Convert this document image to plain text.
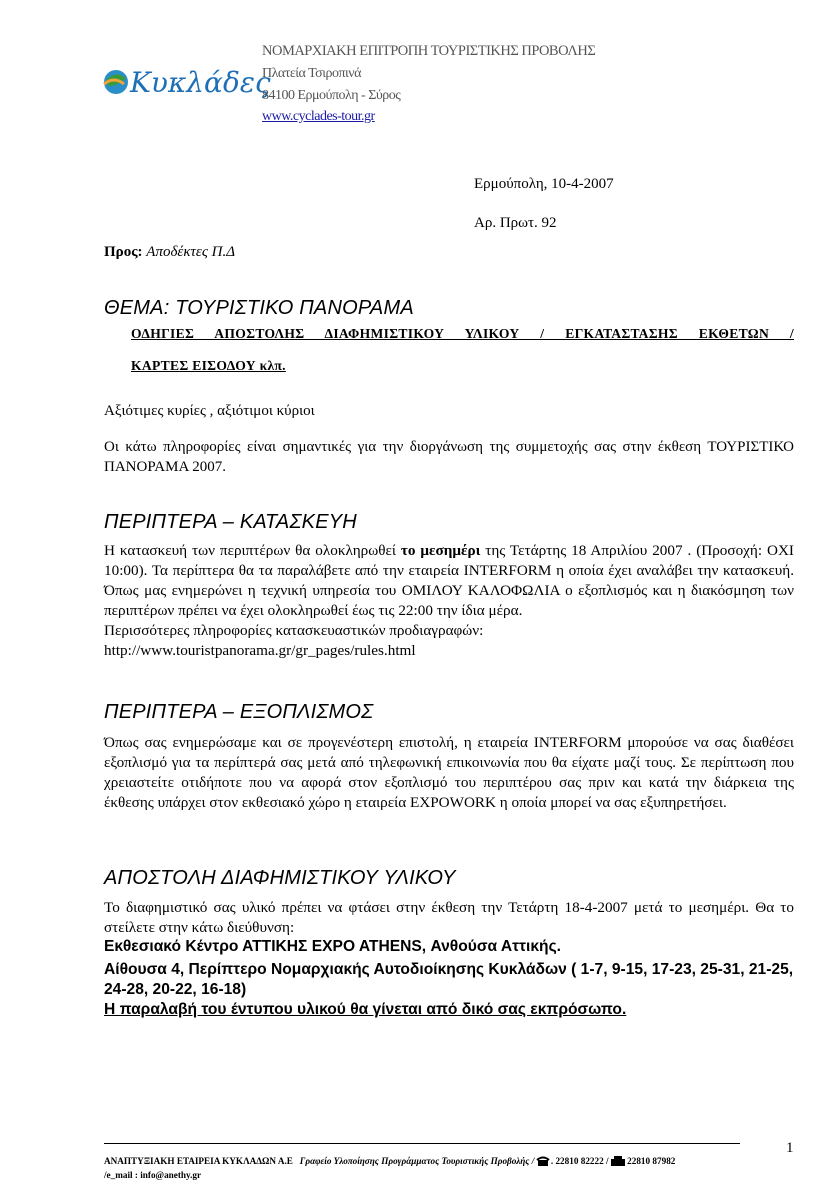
Κυκλάδες
ΝΟΜΑΡΧΙΑΚΗ ΕΠΙΤΡΟΠΗ ΤΟΥΡΙΣΤΙΚΗΣ ΠΡΟΒΟΛΗΣ
Πλατεία Τσιροπινά
84100 Ερμούπολη - Σύρος
www.cyclades-tour.gr
Ερμούπολη, 10-4-2007
Αρ. Πρωτ. 92
Προς: Αποδέκτες Π.Δ
ΘΕΜΑ: ΤΟΥΡΙΣΤΙΚΟ ΠΑΝΟΡΑΜΑ
ΟΔΗΓΙΕΣ ΑΠΟΣΤΟΛΗΣ ΔΙΑΦΗΜΙΣΤΙΚΟΥ ΥΛΙΚΟΥ / ΕΓΚΑΤΑΣΤΑΣΗΣ ΕΚΘΕΤΩΝ /
ΚΑΡΤΕΣ ΕΙΣΟΔΟΥ κλπ.
Αξιότιμες κυρίες , αξιότιμοι κύριοι
Οι κάτω πληροφορίες είναι σημαντικές για την διοργάνωση της συμμετοχής σας στην έκθεση ΤΟΥΡΙΣΤΙΚΟ ΠΑΝΟΡΑΜΑ 2007.
ΠΕΡΙΠΤΕΡΑ – ΚΑΤΑΣΚΕΥΗ
Η κατασκευή των περιπτέρων θα ολοκληρωθεί το μεσημέρι της Τετάρτης 18 Απριλίου 2007 . (Προσοχή: ΟΧΙ 10:00). Τα περίπτερα θα τα παραλάβετε από την εταιρεία INTERFORM η οποία έχει αναλάβει την κατασκευή. Όπως μας ενημερώνει η τεχνική υπηρεσία του ΟΜΙΛΟΥ ΚΑΛΟΦΩΛΙΑ ο εξοπλισμός και η διακόσμηση των περιπτέρων πρέπει να έχει ολοκληρωθεί έως τις 22:00 την ίδια μέρα.
Περισσότερες πληροφορίες κατασκευαστικών προδιαγραφών:
http://www.touristpanorama.gr/gr_pages/rules.html
ΠΕΡΙΠΤΕΡΑ – ΕΞΟΠΛΙΣΜΟΣ
Όπως σας ενημερώσαμε και σε προγενέστερη επιστολή, η εταιρεία INTERFORM μπορούσε να σας διαθέσει εξοπλισμό για τα περίπτερά σας μετά από τηλεφωνική επικοινωνία που θα είχατε μαζί τους. Σε περίπτωση που χρειαστείτε οτιδήποτε που να αφορά στον εξοπλισμό του περιπτέρου σας πριν και κατά την διάρκεια της έκθεσης υπάρχει στον εκθεσιακό χώρο η εταιρεία EXPOWORK η οποία μπορεί να σας εξυπηρετήσει.
ΑΠΟΣΤΟΛΗ ΔΙΑΦΗΜΙΣΤΙΚΟΥ ΥΛΙΚΟΥ
Το διαφημιστικό σας υλικό πρέπει να φτάσει στην έκθεση την Τετάρτη 18-4-2007 μετά το μεσημέρι. Θα το στείλετε στην κάτω διεύθυνση:
Εκθεσιακό Κέντρο ΑΤΤΙΚΗΣ EXPO ATHENS, Ανθούσα Αττικής.
Αίθουσα 4, Περίπτερο Νομαρχιακής Αυτοδιοίκησης Κυκλάδων ( 1-7, 9-15, 17-23, 25-31, 21-25, 24-28, 20-22, 16-18)
Η παραλαβή του έντυπου υλικού θα γίνεται από δικό σας εκπρόσωπο.
1
ΑΝΑΠΤΥΞΙΑΚΗ ΕΤΑΙΡΕΙΑ ΚΥΚΛΑΔΩΝ Α.Ε Γραφείο Υλοποίησης Προγράμματος Τουριστικής Προβολής / . 22810 82222 / 22810 87982
/e_mail : info@anethy.gr
